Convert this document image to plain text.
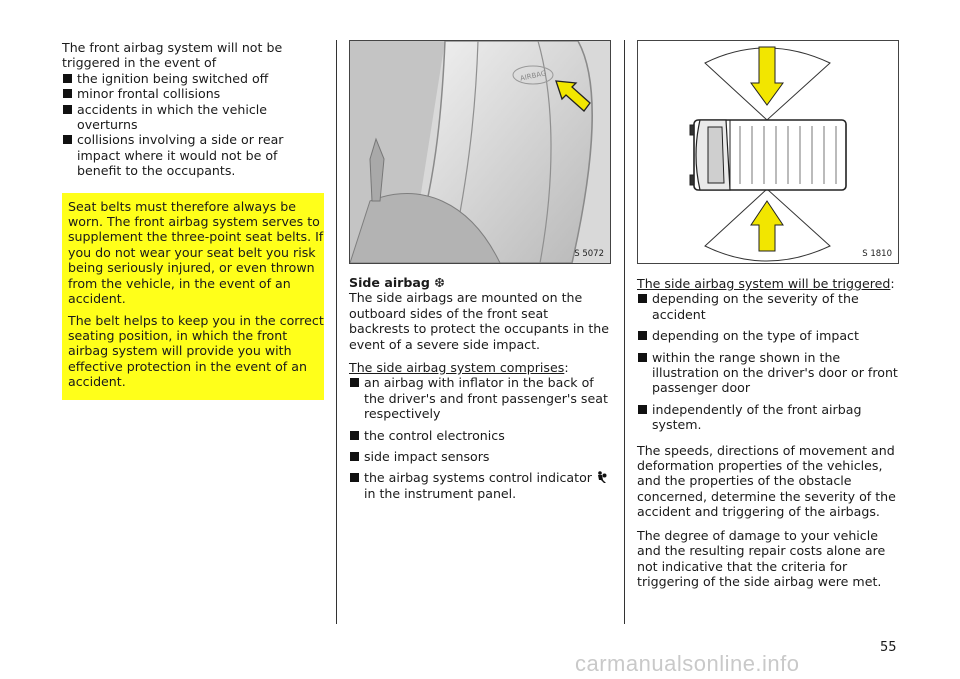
The front airbag system will not be triggered in the event of

the ignition being switched off
minor frontal collisions
accidents in which the vehicle overturns
collisions involving a side or rear impact where it would not be of benefit to the occupants.

Seat belts must therefore always be worn. The front airbag system serves to supplement the three-point seat belts. If you do not wear your seat belt you risk being seriously injured, or even thrown from the vehicle, in the event of an accident.

The belt helps to keep you in the correct seating position, in which the front airbag system will provide you with effective protection in the event of an accident.

AIRBAG
S 5072

Side airbag ❆

The side airbags are mounted on the outboard sides of the front seat backrests to protect the occupants in the event of a severe side impact.

The side airbag system comprises:

an airbag with inflator in the back of the driver's and front passenger's seat respectively
the control electronics
side impact sensors
the airbag systems control indicator  in the instrument panel.
S 1810

The side airbag system will be triggered:

depending on the severity of the accident
depending on the type of impact
within the range shown in the illustration on the driver's door or front passenger door
independently of the front airbag system.

The speeds, directions of movement and deformation properties of the vehicles, and the properties of the obstacle concerned, determine the severity of the accident and triggering of the airbags.

The degree of damage to your vehicle and the resulting repair costs alone are not indicative that the criteria for triggering of the side airbag were met.

55
carmanualsonline.info
